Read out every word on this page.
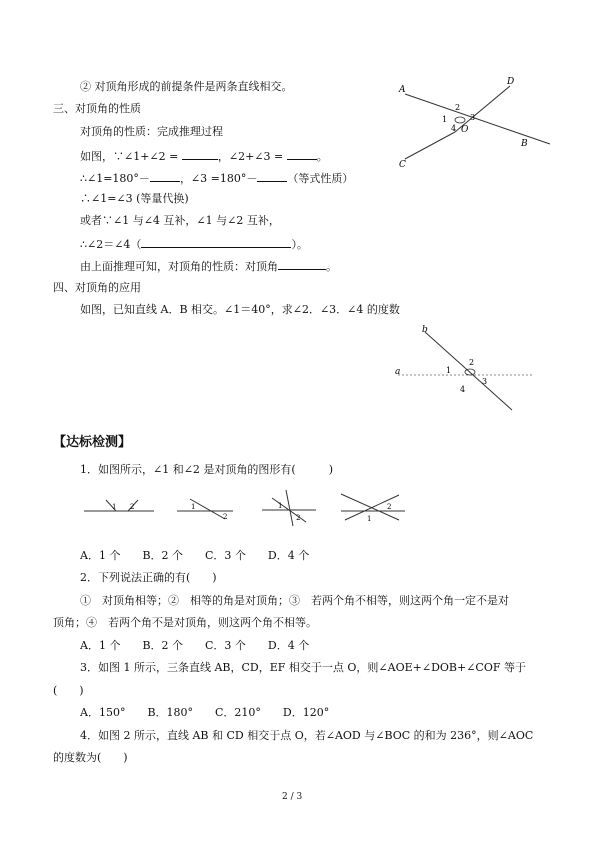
② 对顶角形成的前提条件是两条直线相交。
三、对顶角的性质
对顶角的性质：完成推理过程
如图，∵∠1+∠2 =	，∠2+∠3 =	。
∴∠1=180°－	，∠3 =180°－	（等式性质）
∴∠1=∠3 (等量代换)
或者∵∠1 与∠4 互补，∠1 与∠2 互补，
∴∠2＝∠4（	）。
由上面推理可知，对顶角的性质：对顶角	。
四、对顶角的应用
如图，已知直线 A．B 相交。∠1＝40°，求∠2．∠3．∠4 的度数
A
D
C
B
O
1
2
3
4
b
a	1
2
3
4
【达标检测】
1．如图所示，∠1 和∠2 是对顶角的图形有(　　　)
1 2	1
2
1
2
2
1
A．1 个　　B．2 个　　C．3 个　　D．4 个
2．下列说法正确的有(　　)
①　对顶角相等；②　相等的角是对顶角；③　若两个角不相等，则这两个角一定不是对
顶角；④　若两个角不是对顶角，则这两个角不相等。
A．1 个　　B．2 个　　C．3 个　　D．4 个
3．如图 1 所示，三条直线 AB，CD，EF 相交于一点 O，则∠AOE+∠DOB+∠COF 等于
(　　)
A．150°　　B．180°　　C．210°　　D．120°
4．如图 2 所示，直线 AB 和 CD 相交于点 O，若∠AOD 与∠BOC 的和为 236°，则∠AOC
的度数为(　　)
2 / 3
